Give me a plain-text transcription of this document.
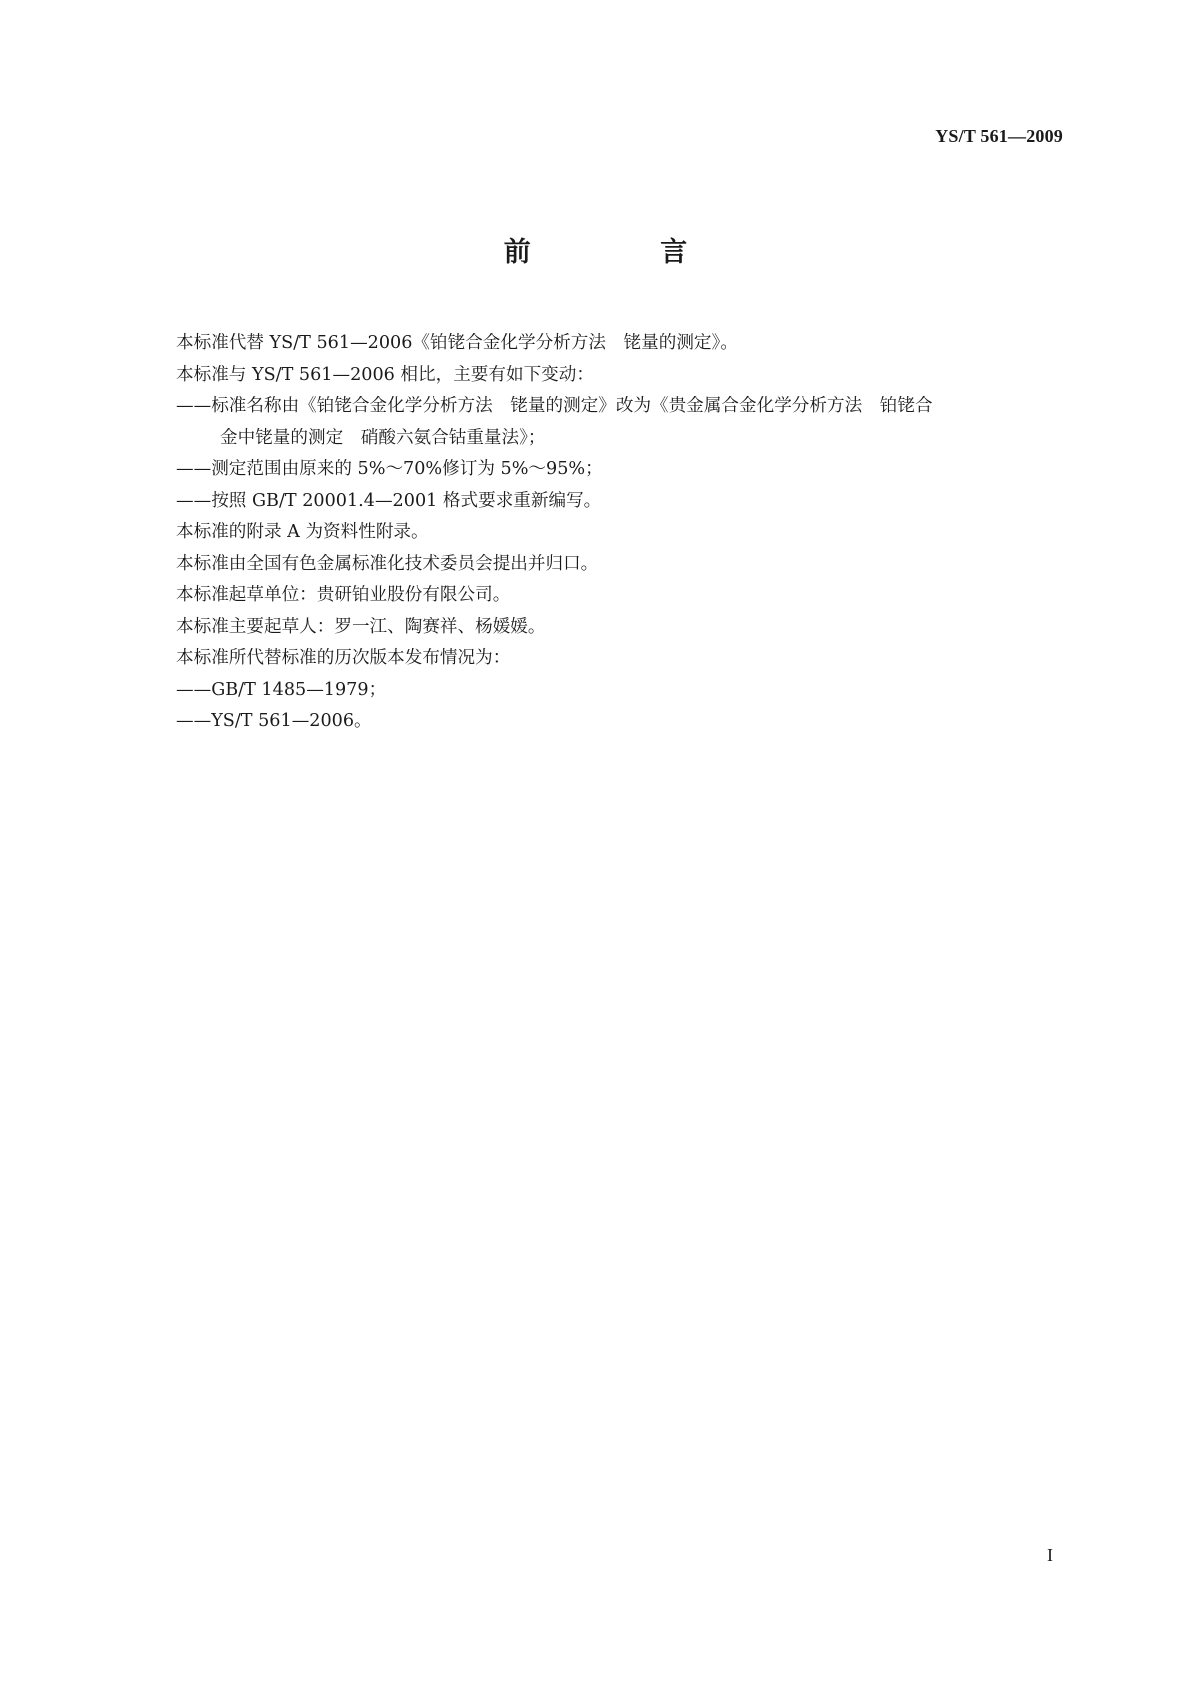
YS/T 561—2009
前 言
本标准代替 YS/T 561—2006《铂铑合金化学分析方法　铑量的测定》。
本标准与 YS/T 561—2006 相比，主要有如下变动：
——标准名称由《铂铑合金化学分析方法　铑量的测定》改为《贵金属合金化学分析方法　铂铑合
金中铑量的测定　硝酸六氨合钴重量法》；
——测定范围由原来的 5%～70%修订为 5%～95%；
——按照 GB/T 20001.4—2001 格式要求重新编写。
本标准的附录 A 为资料性附录。
本标准由全国有色金属标准化技术委员会提出并归口。
本标准起草单位：贵研铂业股份有限公司。
本标准主要起草人：罗一江、陶赛祥、杨媛媛。
本标准所代替标准的历次版本发布情况为：
——GB/T 1485—1979；
——YS/T 561—2006。
I
